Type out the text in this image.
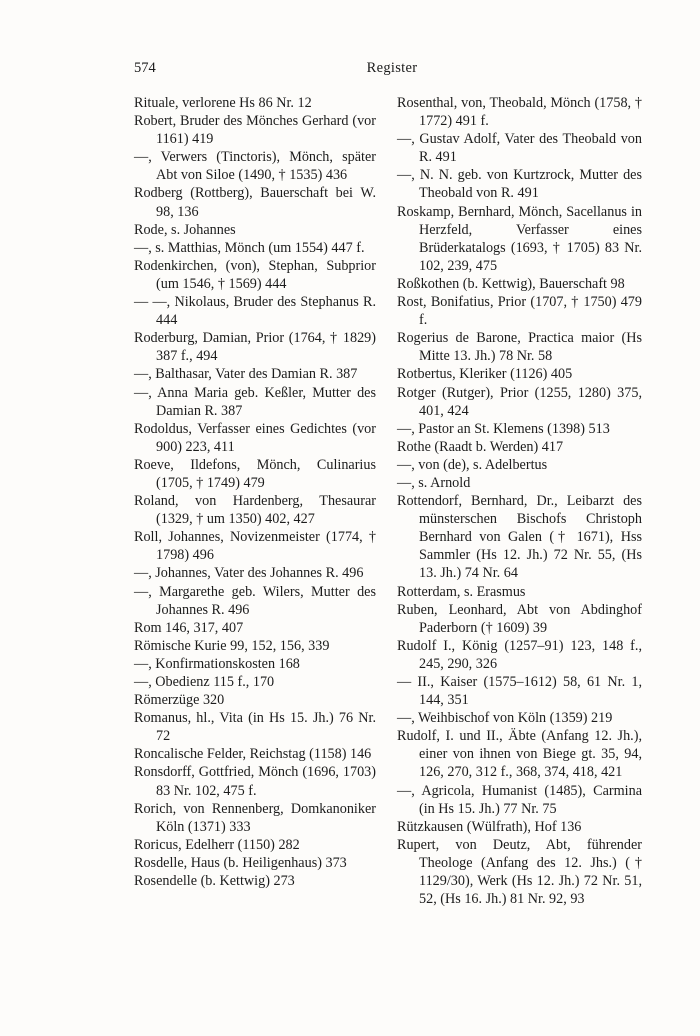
574	Register

Rituale, verlorene Hs 86 Nr. 12

Robert, Bruder des Mönches Gerhard (vor 1161) 419

—, Verwers (Tinctoris), Mönch, später Abt von Siloe (1490, † 1535) 436

Rodberg (Rottberg), Bauerschaft bei W. 98, 136

Rode, s. Johannes

—, s. Matthias, Mönch (um 1554) 447 f.

Rodenkirchen, (von), Stephan, Subprior (um 1546, † 1569) 444

— —, Nikolaus, Bruder des Stephanus R. 444

Roderburg, Damian, Prior (1764, † 1829) 387 f., 494

—, Balthasar, Vater des Damian R. 387

—, Anna Maria geb. Keßler, Mutter des Damian R. 387

Rodoldus, Verfasser eines Gedichtes (vor 900) 223, 411

Roeve, Ildefons, Mönch, Culinarius (1705, † 1749) 479

Roland, von Hardenberg, Thesaurar (1329, † um 1350) 402, 427

Roll, Johannes, Novizenmeister (1774, † 1798) 496

—, Johannes, Vater des Johannes R. 496

—, Margarethe geb. Wilers, Mutter des Johannes R. 496

Rom 146, 317, 407

Römische Kurie 99, 152, 156, 339

—, Konfirmationskosten 168

—, Obedienz 115 f., 170

Römerzüge 320

Romanus, hl., Vita (in Hs 15. Jh.) 76 Nr. 72

Roncalische Felder, Reichstag (1158) 146

Ronsdorff, Gottfried, Mönch (1696, 1703) 83 Nr. 102, 475 f.

Rorich, von Rennenberg, Domkanoniker Köln (1371) 333

Roricus, Edelherr (1150) 282

Rosdelle, Haus (b. Heiligenhaus) 373

Rosendelle (b. Kettwig) 273

Rosenthal, von, Theobald, Mönch (1758, † 1772) 491 f.

—, Gustav Adolf, Vater des Theobald von R. 491

—, N. N. geb. von Kurtzrock, Mutter des Theobald von R. 491

Roskamp, Bernhard, Mönch, Sacellanus in Herzfeld, Verfasser eines Brüderkatalogs (1693, † 1705) 83 Nr. 102, 239, 475

Roßkothen (b. Kettwig), Bauerschaft 98

Rost, Bonifatius, Prior (1707, † 1750) 479 f.

Rogerius de Barone, Practica maior (Hs Mitte 13. Jh.) 78 Nr. 58

Rotbertus, Kleriker (1126) 405

Rotger (Rutger), Prior (1255, 1280) 375, 401, 424

—, Pastor an St. Klemens (1398) 513

Rothe (Raadt b. Werden) 417

—, von (de), s. Adelbertus

—, s. Arnold

Rottendorf, Bernhard, Dr., Leibarzt des münsterschen Bischofs Christoph Bernhard von Galen († 1671), Hss Sammler (Hs 12. Jh.) 72 Nr. 55, (Hs 13. Jh.) 74 Nr. 64

Rotterdam, s. Erasmus

Ruben, Leonhard, Abt von Abdinghof Paderborn († 1609) 39

Rudolf I., König (1257–91) 123, 148 f., 245, 290, 326

— II., Kaiser (1575–1612) 58, 61 Nr. 1, 144, 351

—, Weihbischof von Köln (1359) 219

Rudolf, I. und II., Äbte (Anfang 12. Jh.), einer von ihnen von Biege gt. 35, 94, 126, 270, 312 f., 368, 374, 418, 421

—, Agricola, Humanist (1485), Carmina (in Hs 15. Jh.) 77 Nr. 75

Rützkausen (Wülfrath), Hof 136

Rupert, von Deutz, Abt, führender Theologe (Anfang des 12. Jhs.) († 1129/30), Werk (Hs 12. Jh.) 72 Nr. 51, 52, (Hs 16. Jh.) 81 Nr. 92, 93
